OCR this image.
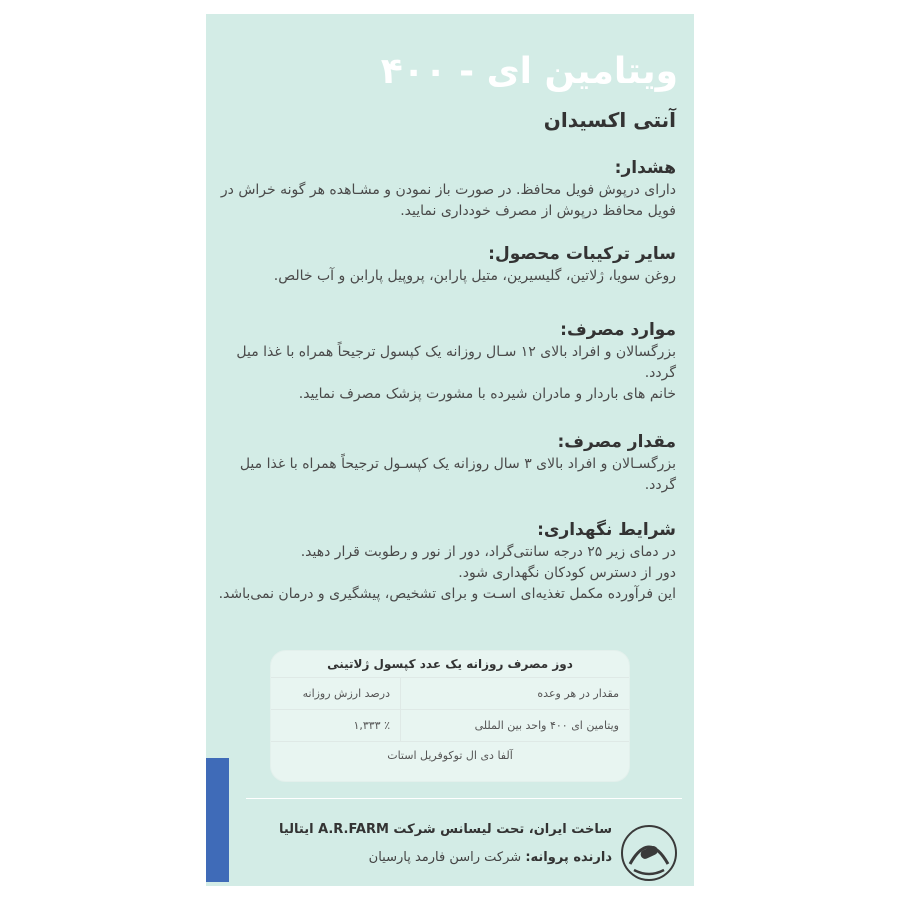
ویتامین ای - ۴۰۰
آنتی اکسیدان
هشدار:

دارای درپوش فویل محافظ. در صورت باز نمودن و مشـاهده هر گونه خراش در فویل محافظ درپوش از مصرف خودداری نمایید.

سایر ترکیبات محصول:

روغن سویا، ژلاتین، گلیسیرین، متیل پارابن، پروپیل پارابن و آب خالص.

موارد مصرف:

بزرگسالان و افراد بالای ۱۲ سـال روزانه یک کپسول ترجیحاً همراه با غذا میل گردد.

خانم های باردار و مادران شیرده با مشورت پزشک مصرف نمایید.

مقدار مصرف:

بزرگسـالان و افراد بالای ۳ سال روزانه یک کپسـول ترجیحاً همراه با غذا میل گردد.

شرایط نگهداری:

در دمای زیر ۲۵ درجه سانتی‌گراد، دور از نور و رطوبت قرار دهید.

دور از دسترس کودکان نگهداری شود.

این فرآورده مکمل تغذیه‌ای اسـت و برای تشخیص، پیشگیری و درمان نمی‌باشد.

دوز مصرف روزانه یک عدد کپسول ژلاتینی
مقدار در هر وعده
درصد ارزش روزانه
ویتامین ای ۴۰۰ واحد بین المللی
٪ ۱,۳۳۳
آلفا دی ال توکوفریل استات
ساخت ایران، تحت لیسانس شرکت A.R.FARM ایتالیا
دارنده پروانه: شرکت راسن فارمد پارسیان
